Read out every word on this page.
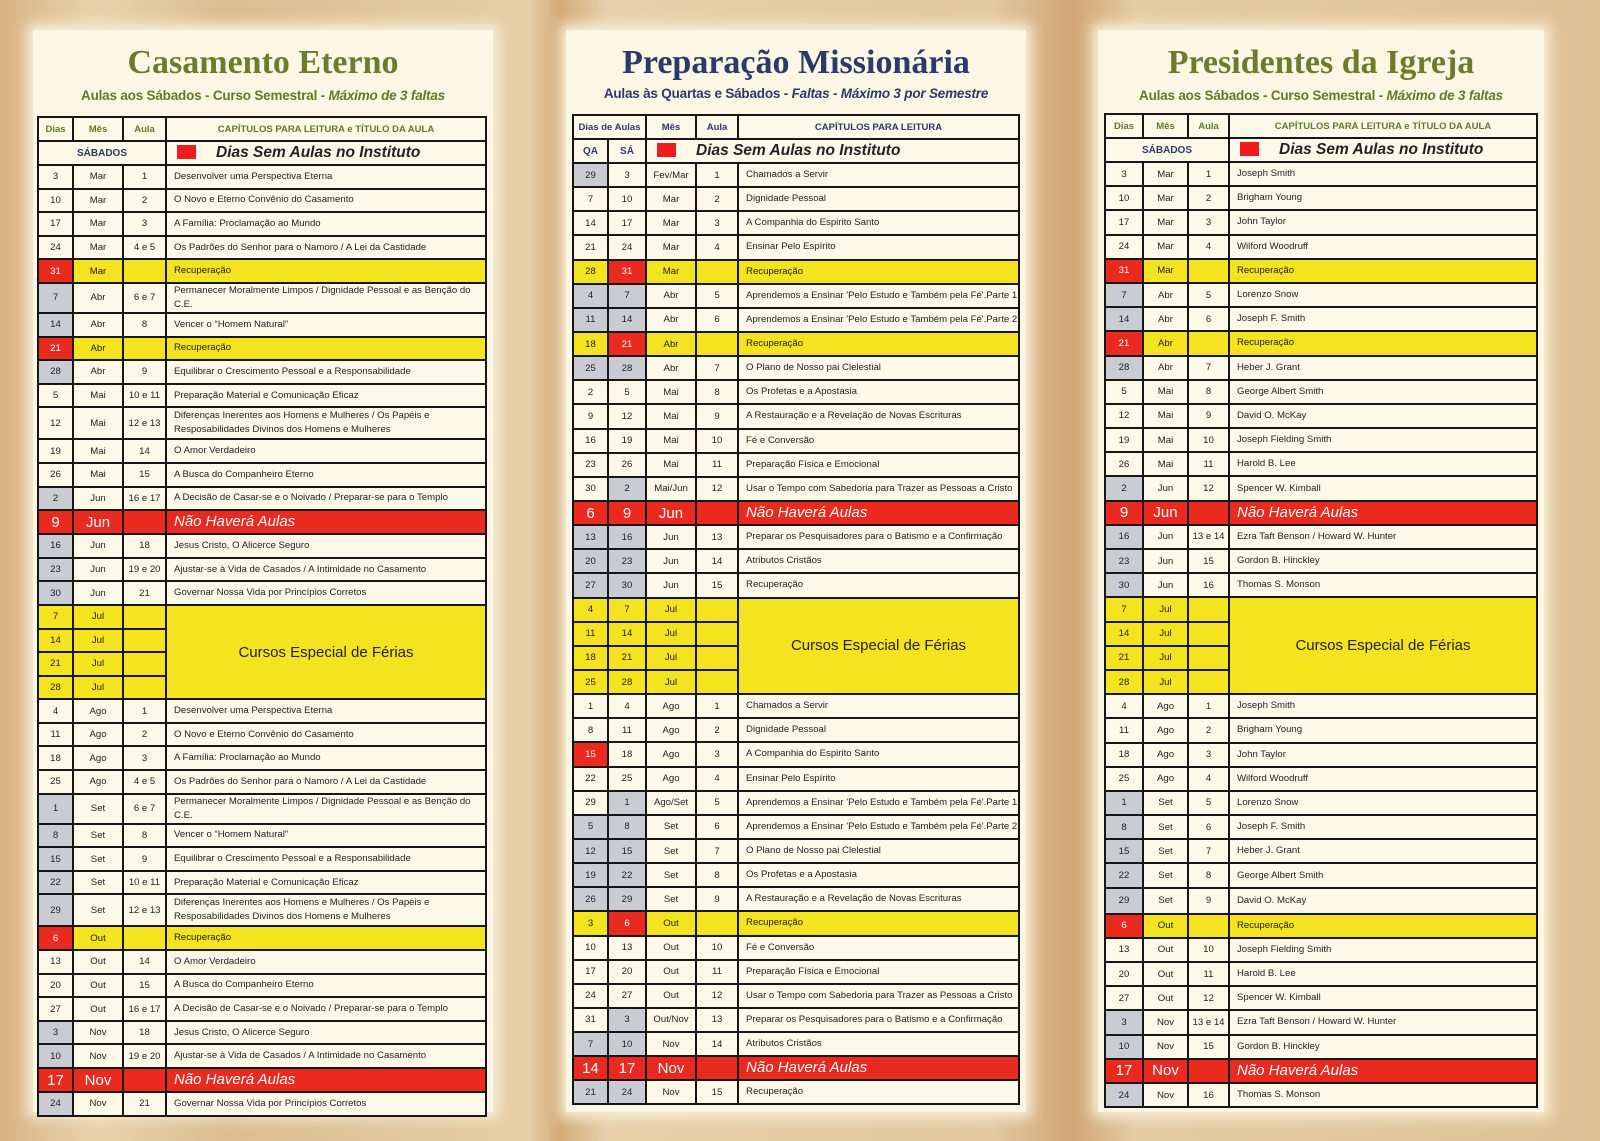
Casamento Eterno
Aulas aos Sábados - Curso Semestral - Máximo de 3 faltas
Preparação Missionária
Aulas às Quartas e Sábados - Faltas - Máximo 3 por Semestre
Presidentes da Igreja
Aulas aos Sábados - Curso Semestral - Máximo de 3 faltas
Dias	Mês	Aula	CAPÍTULOS PARA LEITURA e TÍTULO DA AULA
SÁBADOS			Dias Sem Aulas no Instituto
3	Mar	1	Desenvolver uma Perspectiva Eterna
10	Mar	2	O Novo e Eterno Convênio do Casamento
17	Mar	3	A Família: Proclamação ao Mundo
24	Mar	4 e 5	Os Padrões do Senhor para o Namoro / A Lei da Castidade
31	Mar		Recuperação
7	Abr	6 e 7	Permanecer Moralmente Limpos / Dignidade Pessoal e as Benção do C.E.
14	Abr	8	Vencer o “Homem Natural”
21	Abr		Recuperação
28	Abr	9	Equilibrar o Crescimento Pessoal e a Responsabilidade
5	Mai	10 e 11	Preparação Material e Comunicação Eficaz
12	Mai	12 e 13	Diferenças Inerentes aos Homens e Mulheres / Os Papéis e Resposabilidades Divinos dos Homens e Mulheres
19	Mai	14	O Amor Verdadeiro
26	Mai	15	A Busca do Companheiro Eterno
2	Jun	16 e 17	A Decisão de Casar-se e o Noivado / Preparar-se para o Templo
9	Jun		Não Haverá Aulas
16	Jun	18	Jesus Cristo, O Alicerce Seguro
23	Jun	19 e 20	Ajustar-se à Vida de Casados / A Intimidade no Casamento
30	Jun	21	Governar Nossa Vida por Princípios Corretos
7	Jul		Cursos Especial de Férias
14	Jul		
21	Jul		
28	Jul		
4	Ago	1	Desenvolver uma Perspectiva Eterna
11	Ago	2	O Novo e Eterno Convênio do Casamento
18	Ago	3	A Família: Proclamação ao Mundo
25	Ago	4 e 5	Os Padrões do Senhor para o Namoro / A Lei da Castidade
1	Set	6 e 7	Permanecer Moralmente Limpos / Dignidade Pessoal e as Benção do C.E.
8	Set	8	Vencer o “Homem Natural”
15	Set	9	Equilibrar o Crescimento Pessoal e a Responsabilidade
22	Set	10 e 11	Preparação Material e Comunicação Eficaz
29	Set	12 e 13	Diferenças Inerentes aos Homens e Mulheres / Os Papéis e Resposabilidades Divinos dos Homens e Mulheres
6	Out		Recuperação
13	Out	14	O Amor Verdadeiro
20	Out	15	A Busca do Companheiro Eterno
27	Out	16 e 17	A Decisão de Casar-se e o Noivado / Preparar-se para o Templo
3	Nov	18	Jesus Cristo, O Alicerce Seguro
10	Nov	19 e 20	Ajustar-se à Vida de Casados / A Intimidade no Casamento
17	Nov		Não Haverá Aulas
24	Nov	21	Governar Nossa Vida por Princípios Corretos
Dias de Aulas		Mês	Aula	CAPÍTULOS PARA LEITURA
QA	SÁ	Dias Sem Aulas no Instituto		
29	3	Fev/Mar	1	Chamados a Servir
7	10	Mar	2	Dignidade Pessoal
14	17	Mar	3	A Companhia do Espirito Santo
21	24	Mar	4	Ensinar Pelo Espírito
28	31	Mar		Recuperação
4	7	Abr	5	Aprendemos a Ensinar 'Pelo Estudo e Também pela Fé'.Parte 1
11	14	Abr	6	Aprendemos a Ensinar 'Pelo Estudo e Também pela Fé'.Parte 2
18	21	Abr		Recuperação
25	28	Abr	7	O Plano de Nosso pai Clelestial
2	5	Mai	8	Os Profetas e a Apostasia
9	12	Mai	9	A Restauração e a Revelação de Novas Escrituras
16	19	Mai	10	Fé e Conversão
23	26	Mai	11	Preparação Física e Emocional
30	2	Mai/Jun	12	Usar o Tempo com Sabedoria para Trazer as Pessoas a Cristo
6	9	Jun		Não Haverá Aulas
13	16	Jun	13	Preparar os Pesquisadores para o Batismo e a Confirmação
20	23	Jun	14	Atributos Cristãos
27	30	Jun	15	Recuperação
4	7	Jul		Cursos Especial de Férias
11	14	Jul		
18	21	Jul		
25	28	Jul		
1	4	Ago	1	Chamados a Servir
8	11	Ago	2	Dignidade Pessoal
15	18	Ago	3	A Companhia do Espirito Santo
22	25	Ago	4	Ensinar Pelo Espírito
29	1	Ago/Set	5	Aprendemos a Ensinar 'Pelo Estudo e Também pela Fé'.Parte 1
5	8	Set	6	Aprendemos a Ensinar 'Pelo Estudo e Também pela Fé'.Parte 2
12	15	Set	7	O Plano de Nosso pai Clelestial
19	22	Set	8	Os Profetas e a Apostasia
26	29	Set	9	A Restauração e a Revelação de Novas Escrituras
3	6	Out		Recuperação
10	13	Out	10	Fé e Conversão
17	20	Out	11	Preparação Física e Emocional
24	27	Out	12	Usar o Tempo com Sabedoria para Trazer as Pessoas a Cristo
31	3	Out/Nov	13	Preparar os Pesquisadores para o Batismo e a Confirmação
7	10	Nov	14	Atributos Cristãos
14	17	Nov		Não Haverá Aulas
21	24	Nov	15	Recuperação
Dias	Mês	Aula	CAPÍTULOS PARA LEITURA e TÍTULO DA AULA
SÁBADOS			Dias Sem Aulas no Instituto
3	Mar	1	Joseph Smith
10	Mar	2	Brigham Young
17	Mar	3	John Taylor
24	Mar	4	Wilford Woodruff
31	Mar		Recuperação
7	Abr	5	Lorenzo Snow
14	Abr	6	Joseph F. Smith
21	Abr		Recuperação
28	Abr	7	Heber J. Grant
5	Mai	8	George Albert Smith
12	Mai	9	David O. McKay
19	Mai	10	Joseph Fielding Smith
26	Mai	11	Harold B. Lee
2	Jun	12	Spencer W. Kimball
9	Jun		Não Haverá Aulas
16	Jun	13 e 14	Ezra Taft Benson / Howard W. Hunter
23	Jun	15	Gordon B. Hinckley
30	Jun	16	Thomas S. Monson
7	Jul		Cursos Especial de Férias
14	Jul		
21	Jul		
28	Jul		
4	Ago	1	Joseph Smith
11	Ago	2	Brigham Young
18	Ago	3	John Taylor
25	Ago	4	Wilford Woodruff
1	Set	5	Lorenzo Snow
8	Set	6	Joseph F. Smith
15	Set	7	Heber J. Grant
22	Set	8	George Albert Smith
29	Set	9	David O. McKay
6	Out		Recuperação
13	Out	10	Joseph Fielding Smith
20	Out	11	Harold B. Lee
27	Out	12	Spencer W. Kimball
3	Nov	13 e 14	Ezra Taft Benson / Howard W. Hunter
10	Nov	15	Gordon B. Hinckley
17	Nov		Não Haverá Aulas
24	Nov	16	Thomas S. Monson
